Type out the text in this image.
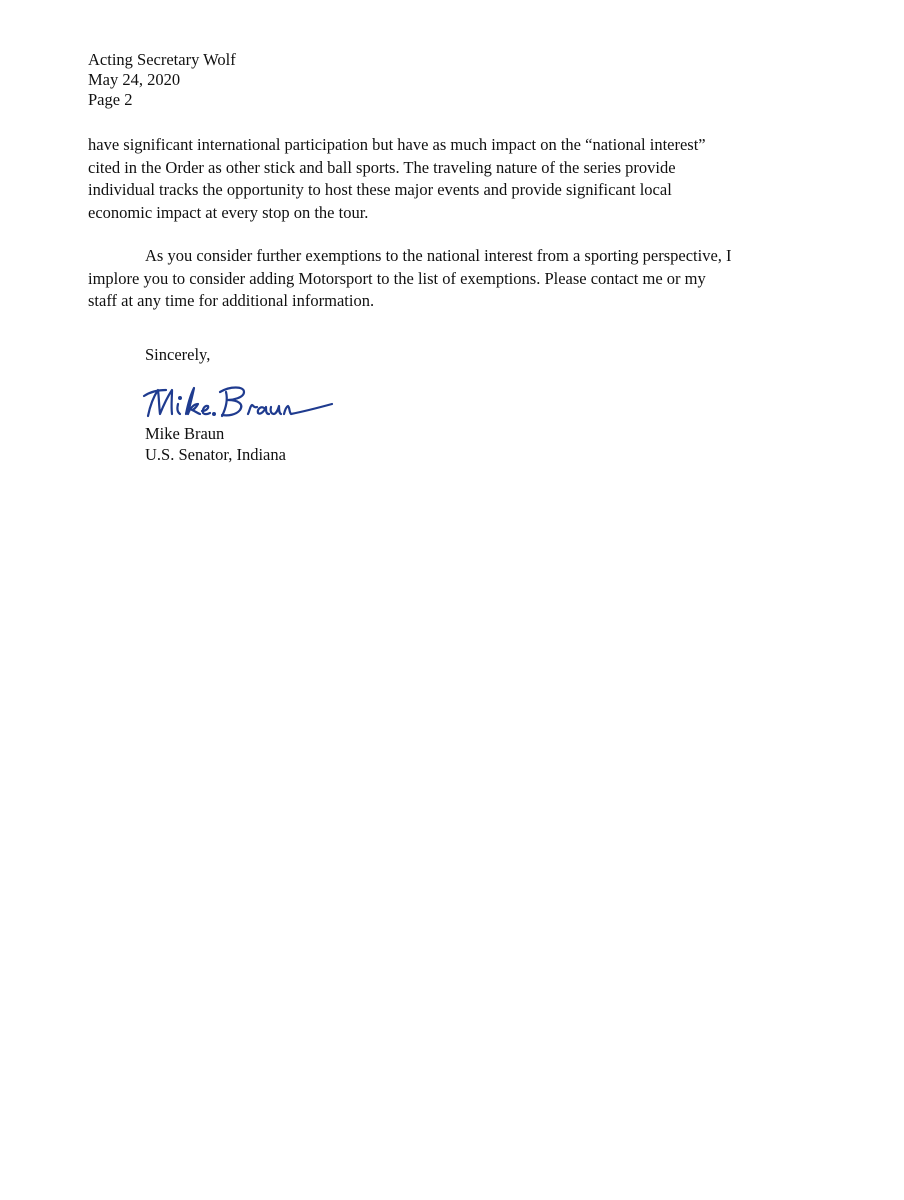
Acting Secretary Wolf
May 24, 2020
Page 2
have significant international participation but have as much impact on the “national interest”
cited in the Order as other stick and ball sports. The traveling nature of the series provide
individual tracks the opportunity to host these major events and provide significant local
economic impact at every stop on the tour.
As you consider further exemptions to the national interest from a sporting perspective, I
implore you to consider adding Motorsport to the list of exemptions. Please contact me or my
staff at any time for additional information.
Sincerely,
Mike Braun
U.S. Senator, Indiana
